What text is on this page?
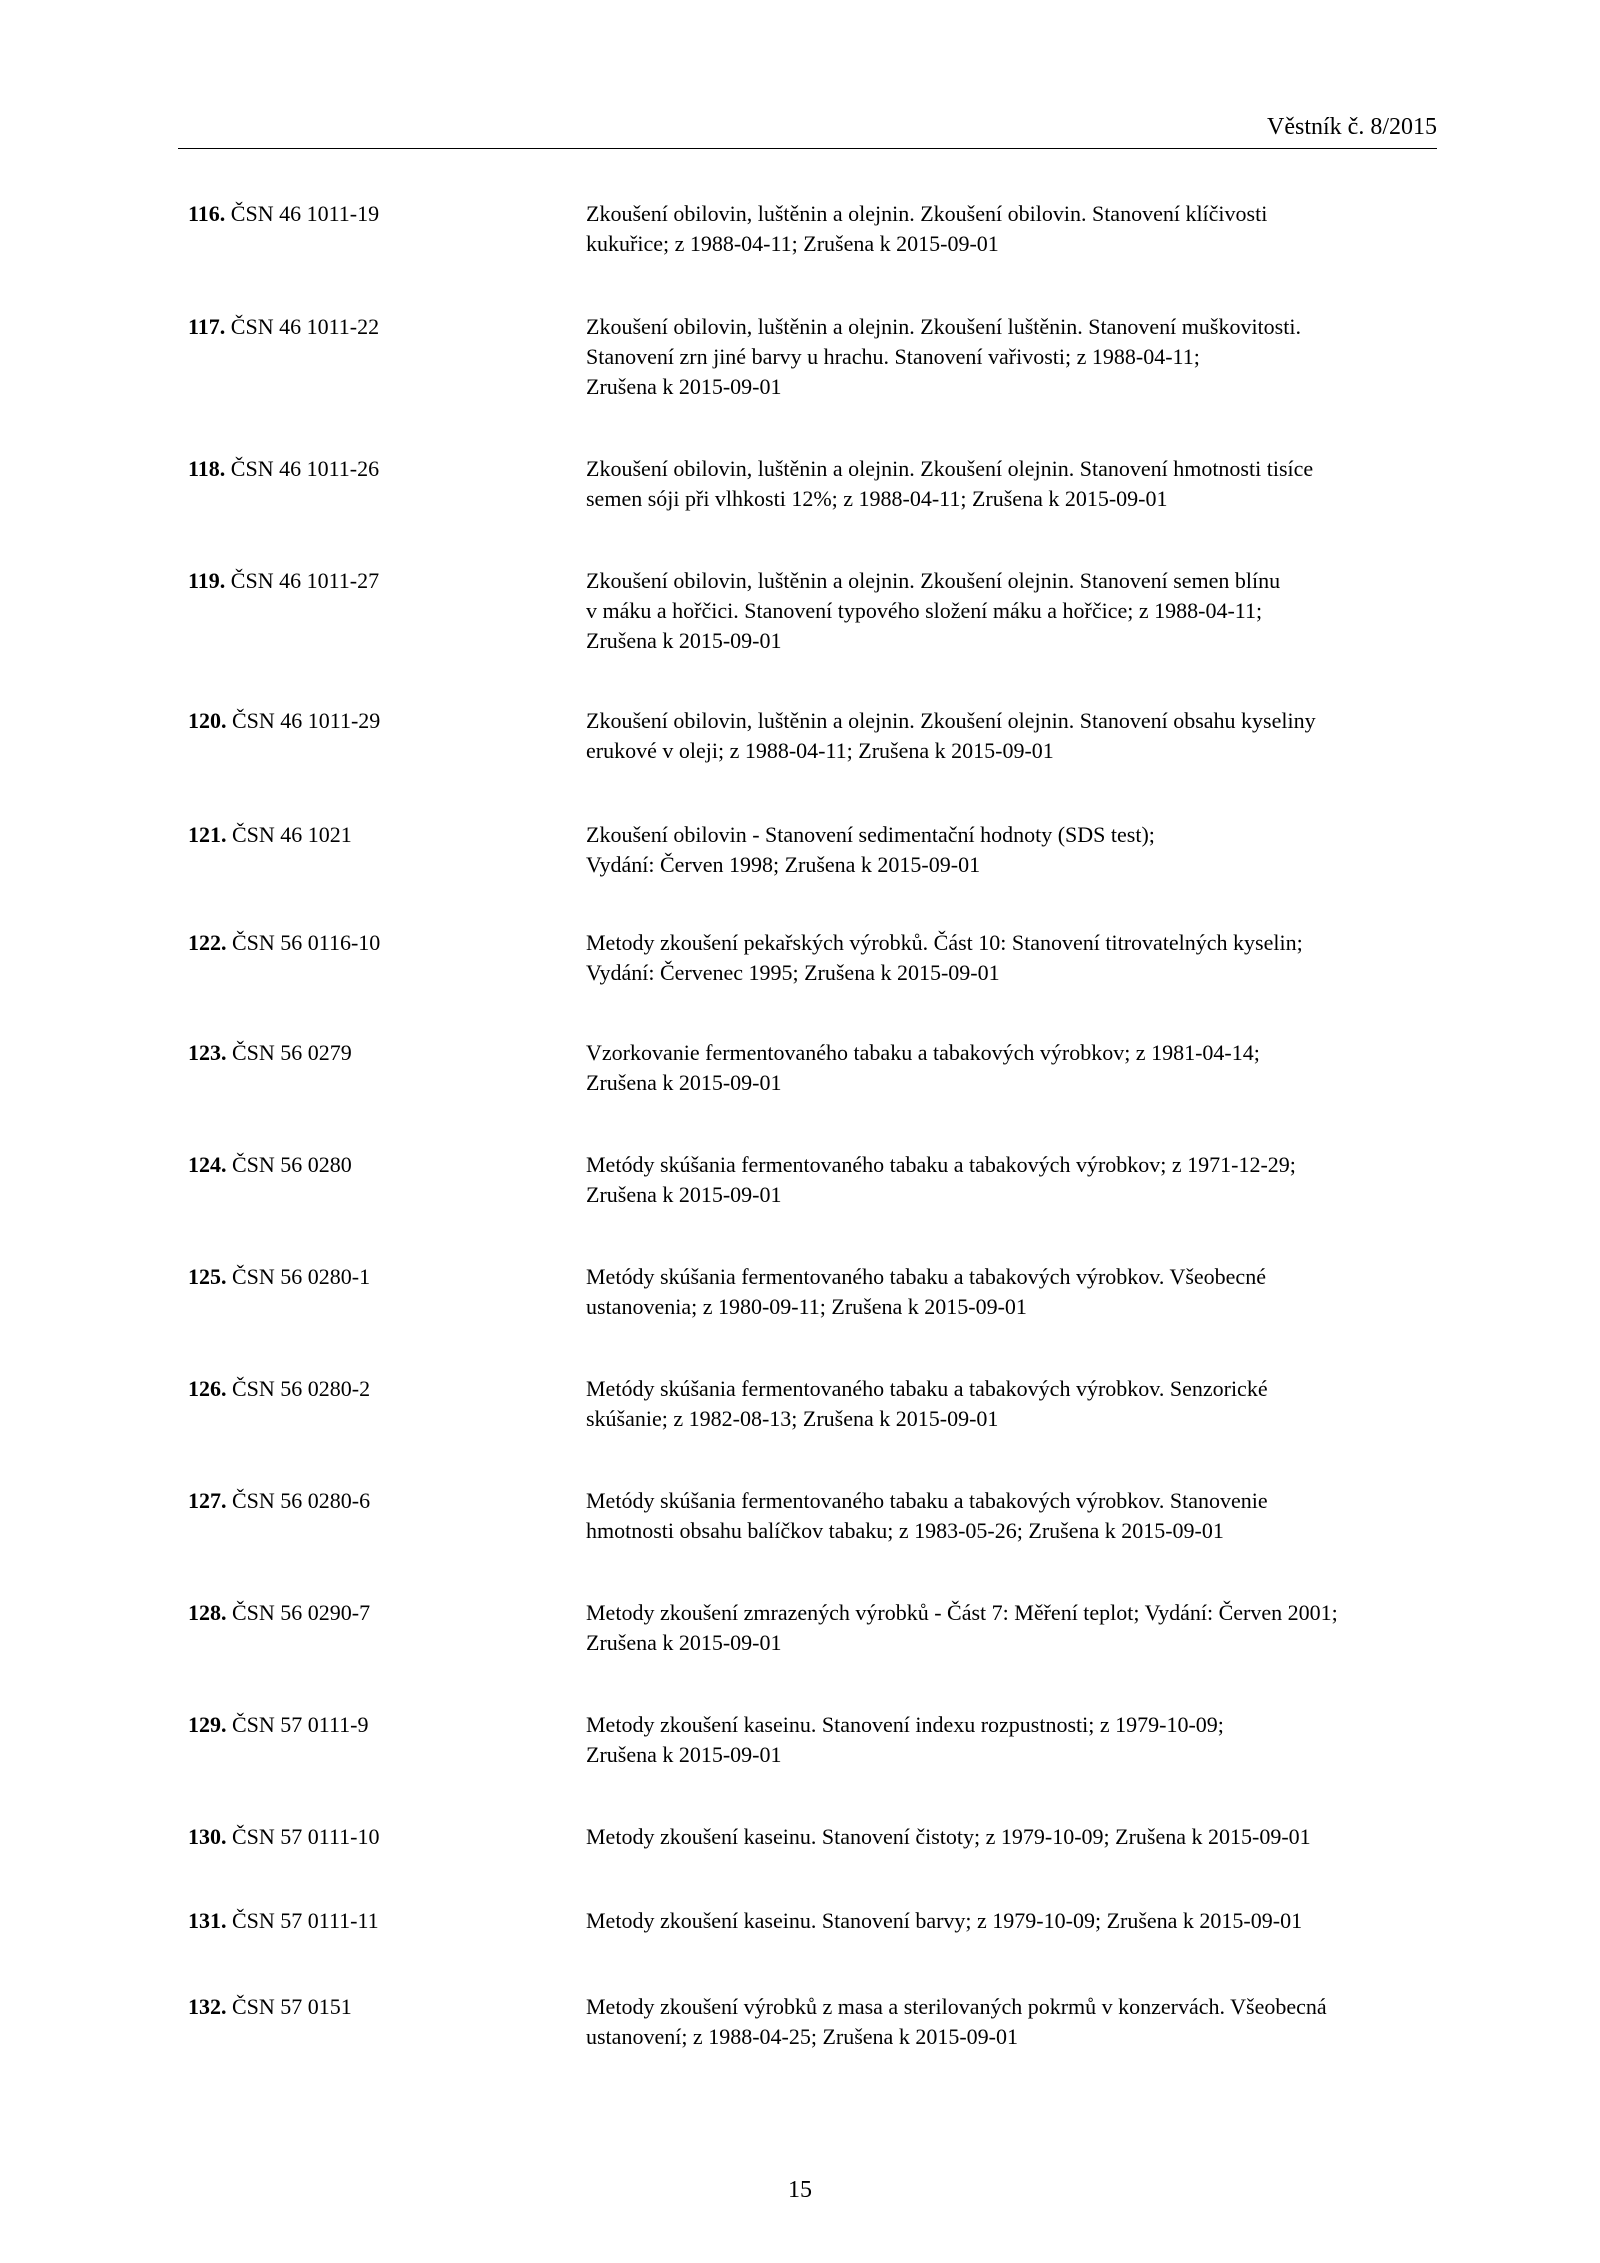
Věstník č. 8/2015
116. ČSN 46 1011-19	Zkoušení obilovin, luštěnin a olejnin. Zkoušení obilovin. Stanovení klíčivosti
kukuřice; z 1988-04-11; Zrušena k 2015-09-01
117. ČSN 46 1011-22	Zkoušení obilovin, luštěnin a olejnin. Zkoušení luštěnin. Stanovení muškovitosti.
Stanovení zrn jiné barvy u hrachu. Stanovení vařivosti; z 1988-04-11;
Zrušena k 2015-09-01
118. ČSN 46 1011-26	Zkoušení obilovin, luštěnin a olejnin. Zkoušení olejnin. Stanovení hmotnosti tisíce
semen sóji při vlhkosti 12%; z 1988-04-11; Zrušena k 2015-09-01
119. ČSN 46 1011-27	Zkoušení obilovin, luštěnin a olejnin. Zkoušení olejnin. Stanovení semen blínu
v máku a hořčici. Stanovení typového složení máku a hořčice; z 1988-04-11;
Zrušena k 2015-09-01
120. ČSN 46 1011-29	Zkoušení obilovin, luštěnin a olejnin. Zkoušení olejnin. Stanovení obsahu kyseliny
erukové v oleji; z 1988-04-11; Zrušena k 2015-09-01
121. ČSN 46 1021	Zkoušení obilovin - Stanovení sedimentační hodnoty (SDS test);
Vydání: Červen 1998; Zrušena k 2015-09-01
122. ČSN 56 0116-10	Metody zkoušení pekařských výrobků. Část 10: Stanovení titrovatelných kyselin;
Vydání: Červenec 1995; Zrušena k 2015-09-01
123. ČSN 56 0279	Vzorkovanie fermentovaného tabaku a tabakových výrobkov; z 1981-04-14;
Zrušena k 2015-09-01
124. ČSN 56 0280	Metódy skúšania fermentovaného tabaku a tabakových výrobkov; z 1971-12-29;
Zrušena k 2015-09-01
125. ČSN 56 0280-1	Metódy skúšania fermentovaného tabaku a tabakových výrobkov. Všeobecné
ustanovenia; z 1980-09-11; Zrušena k 2015-09-01
126. ČSN 56 0280-2	Metódy skúšania fermentovaného tabaku a tabakových výrobkov. Senzorické
skúšanie; z 1982-08-13; Zrušena k 2015-09-01
127. ČSN 56 0280-6	Metódy skúšania fermentovaného tabaku a tabakových výrobkov. Stanovenie
hmotnosti obsahu balíčkov tabaku; z 1983-05-26; Zrušena k 2015-09-01
128. ČSN 56 0290-7	Metody zkoušení zmrazených výrobků - Část 7: Měření teplot; Vydání: Červen 2001;
Zrušena k 2015-09-01
129. ČSN 57 0111-9	Metody zkoušení kaseinu. Stanovení indexu rozpustnosti; z 1979-10-09;
Zrušena k 2015-09-01
130. ČSN 57 0111-10	Metody zkoušení kaseinu. Stanovení čistoty; z 1979-10-09; Zrušena k 2015-09-01
131. ČSN 57 0111-11	Metody zkoušení kaseinu. Stanovení barvy; z 1979-10-09; Zrušena k 2015-09-01
132. ČSN 57 0151	Metody zkoušení výrobků z masa a sterilovaných pokrmů v konzervách. Všeobecná
ustanovení; z 1988-04-25; Zrušena k 2015-09-01
15
